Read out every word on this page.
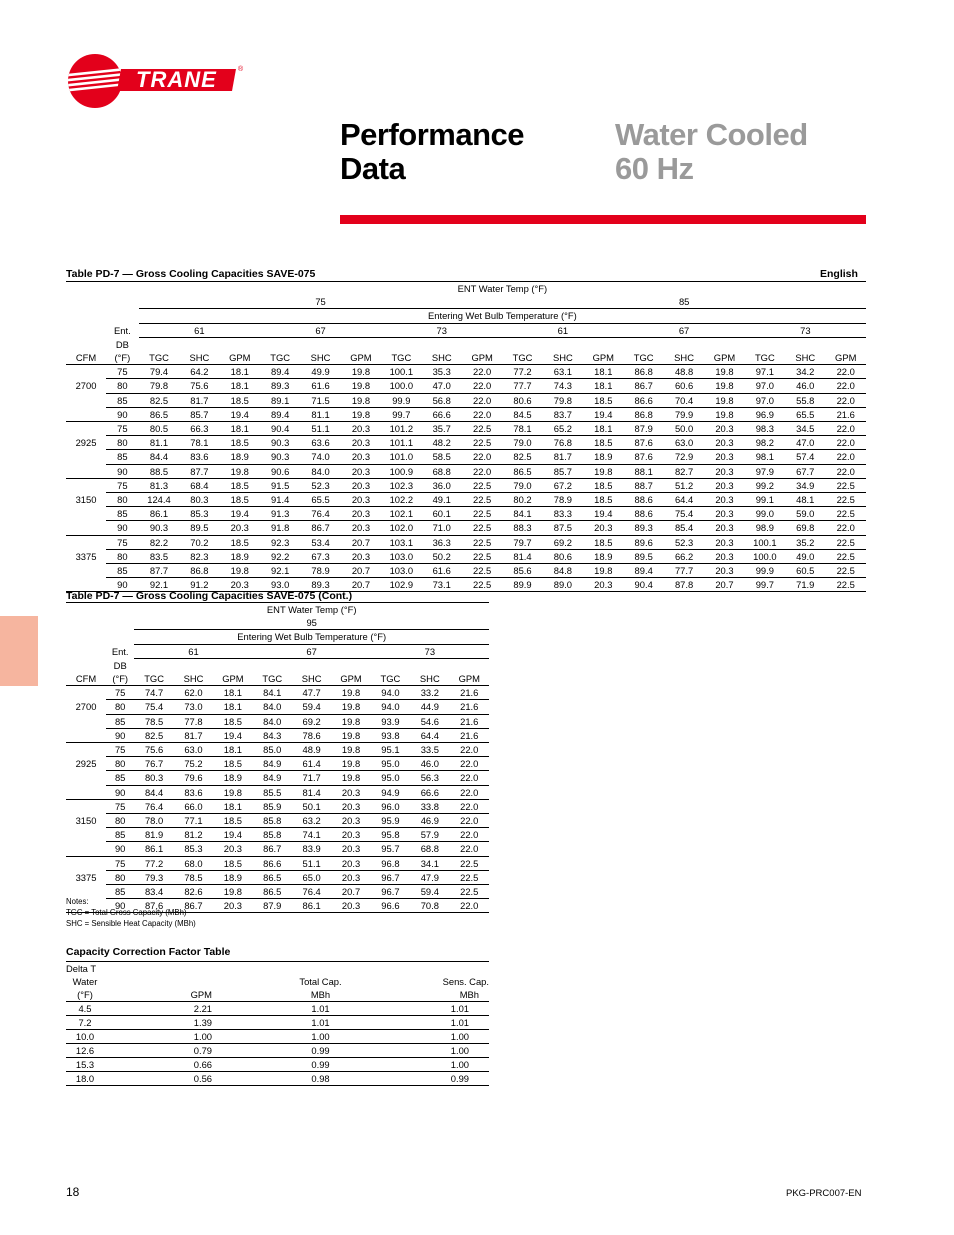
TRANE	®
Performance
Data
Water Cooled
60 Hz
Table PD-7 — Gross Cooling Capacities SAVE-075	English
		ENT Water Temp (°F)																	
		75									85								
		Entering Wet Bulb Temperature (°F)																	
	Ent.	61			67			73			61			67			73		
	DB																		
CFM	(°F)	TGC	SHC	GPM	TGC	SHC	GPM	TGC	SHC	GPM	TGC	SHC	GPM	TGC	SHC	GPM	TGC	SHC	GPM
	75	79.4	64.2	18.1	89.4	49.9	19.8	100.1	35.3	22.0	77.2	63.1	18.1	86.8	48.8	19.8	97.1	34.2	22.0
2700	80	79.8	75.6	18.1	89.3	61.6	19.8	100.0	47.0	22.0	77.7	74.3	18.1	86.7	60.6	19.8	97.0	46.0	22.0
	85	82.5	81.7	18.5	89.1	71.5	19.8	99.9	56.8	22.0	80.6	79.8	18.5	86.6	70.4	19.8	97.0	55.8	22.0
	90	86.5	85.7	19.4	89.4	81.1	19.8	99.7	66.6	22.0	84.5	83.7	19.4	86.8	79.9	19.8	96.9	65.5	21.6
	75	80.5	66.3	18.1	90.4	51.1	20.3	101.2	35.7	22.5	78.1	65.2	18.1	87.9	50.0	20.3	98.3	34.5	22.0
2925	80	81.1	78.1	18.5	90.3	63.6	20.3	101.1	48.2	22.5	79.0	76.8	18.5	87.6	63.0	20.3	98.2	47.0	22.0
	85	84.4	83.6	18.9	90.3	74.0	20.3	101.0	58.5	22.0	82.5	81.7	18.9	87.6	72.9	20.3	98.1	57.4	22.0
	90	88.5	87.7	19.8	90.6	84.0	20.3	100.9	68.8	22.0	86.5	85.7	19.8	88.1	82.7	20.3	97.9	67.7	22.0
	75	81.3	68.4	18.5	91.5	52.3	20.3	102.3	36.0	22.5	79.0	67.2	18.5	88.7	51.2	20.3	99.2	34.9	22.5
3150	80	124.4	80.3	18.5	91.4	65.5	20.3	102.2	49.1	22.5	80.2	78.9	18.5	88.6	64.4	20.3	99.1	48.1	22.5
	85	86.1	85.3	19.4	91.3	76.4	20.3	102.1	60.1	22.5	84.1	83.3	19.4	88.6	75.4	20.3	99.0	59.0	22.5
	90	90.3	89.5	20.3	91.8	86.7	20.3	102.0	71.0	22.5	88.3	87.5	20.3	89.3	85.4	20.3	98.9	69.8	22.0
	75	82.2	70.2	18.5	92.3	53.4	20.7	103.1	36.3	22.5	79.7	69.2	18.5	89.6	52.3	20.3	100.1	35.2	22.5
3375	80	83.5	82.3	18.9	92.2	67.3	20.3	103.0	50.2	22.5	81.4	80.6	18.9	89.5	66.2	20.3	100.0	49.0	22.5
	85	87.7	86.8	19.8	92.1	78.9	20.7	103.0	61.6	22.5	85.6	84.8	19.8	89.4	77.7	20.3	99.9	60.5	22.5
	90	92.1	91.2	20.3	93.0	89.3	20.7	102.9	73.1	22.5	89.9	89.0	20.3	90.4	87.8	20.7	99.7	71.9	22.5
Table PD-7 — Gross Cooling Capacities SAVE-075 (Cont.)
		ENT Water Temp (°F)								
		95								
		Entering Wet Bulb Temperature (°F)								
	Ent.	61			67			73		
	DB									
CFM	(°F)	TGC	SHC	GPM	TGC	SHC	GPM	TGC	SHC	GPM
	75	74.7	62.0	18.1	84.1	47.7	19.8	94.0	33.2	21.6
2700	80	75.4	73.0	18.1	84.0	59.4	19.8	94.0	44.9	21.6
	85	78.5	77.8	18.5	84.0	69.2	19.8	93.9	54.6	21.6
	90	82.5	81.7	19.4	84.3	78.6	19.8	93.8	64.4	21.6
	75	75.6	63.0	18.1	85.0	48.9	19.8	95.1	33.5	22.0
2925	80	76.7	75.2	18.5	84.9	61.4	19.8	95.0	46.0	22.0
	85	80.3	79.6	18.9	84.9	71.7	19.8	95.0	56.3	22.0
	90	84.4	83.6	19.8	85.5	81.4	20.3	94.9	66.6	22.0
	75	76.4	66.0	18.1	85.9	50.1	20.3	96.0	33.8	22.0
3150	80	78.0	77.1	18.5	85.8	63.2	20.3	95.9	46.9	22.0
	85	81.9	81.2	19.4	85.8	74.1	20.3	95.8	57.9	22.0
	90	86.1	85.3	20.3	86.7	83.9	20.3	95.7	68.8	22.0
	75	77.2	68.0	18.5	86.6	51.1	20.3	96.8	34.1	22.5
3375	80	79.3	78.5	18.9	86.5	65.0	20.3	96.7	47.9	22.5
	85	83.4	82.6	19.8	86.5	76.4	20.7	96.7	59.4	22.5
	90	87.6	86.7	20.3	87.9	86.1	20.3	96.6	70.8	22.0
Notes:
TGC = Total Gross Capacity (MBh)
SHC = Sensible Heat Capacity (MBh)
Capacity Correction Factor Table
Delta T			
Water		Total Cap.	Sens. Cap.
(°F)	GPM	MBh	MBh
4.5	2.21	1.01	1.01
7.2	1.39	1.01	1.01
10.0	1.00	1.00	1.00
12.6	0.79	0.99	1.00
15.3	0.66	0.99	1.00
18.0	0.56	0.98	0.99
18	PKG-PRC007-EN
